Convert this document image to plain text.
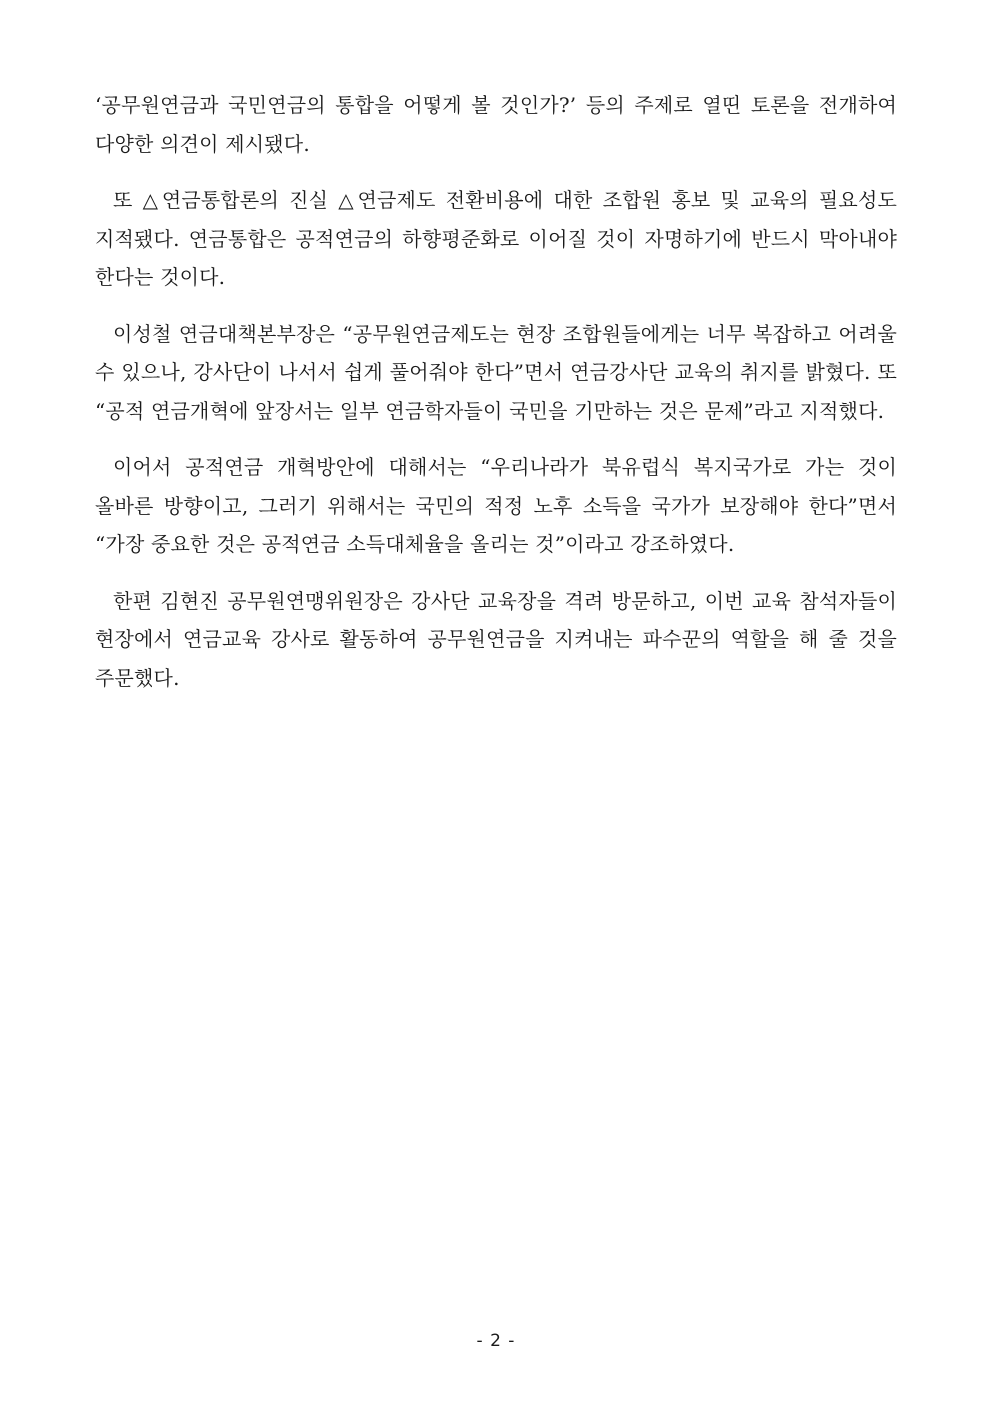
‘공무원연금과 국민연금의 통합을 어떻게 볼 것인가?’ 등의 주제로 열띤 토론을 전개하여 다양한 의견이 제시됐다.

또 △연금통합론의 진실 △연금제도 전환비용에 대한 조합원 홍보 및 교육의 필요성도 지적됐다. 연금통합은 공적연금의 하향평준화로 이어질 것이 자명하기에 반드시 막아내야 한다는 것이다.

이성철 연금대책본부장은 “공무원연금제도는 현장 조합원들에게는 너무 복잡하고 어려울 수 있으나, 강사단이 나서서 쉽게 풀어줘야 한다”면서 연금강사단 교육의 취지를 밝혔다. 또 “공적 연금개혁에 앞장서는 일부 연금학자들이 국민을 기만하는 것은 문제”라고 지적했다.

이어서 공적연금 개혁방안에 대해서는 “우리나라가 북유럽식 복지국가로 가는 것이 올바른 방향이고, 그러기 위해서는 국민의 적정 노후 소득을 국가가 보장해야 한다”면서 “가장 중요한 것은 공적연금 소득대체율을 올리는 것”이라고 강조하였다.

한편 김현진 공무원연맹위원장은 강사단 교육장을 격려 방문하고, 이번 교육 참석자들이 현장에서 연금교육 강사로 활동하여 공무원연금을 지켜내는 파수꾼의 역할을 해 줄 것을 주문했다.

- 2 -
